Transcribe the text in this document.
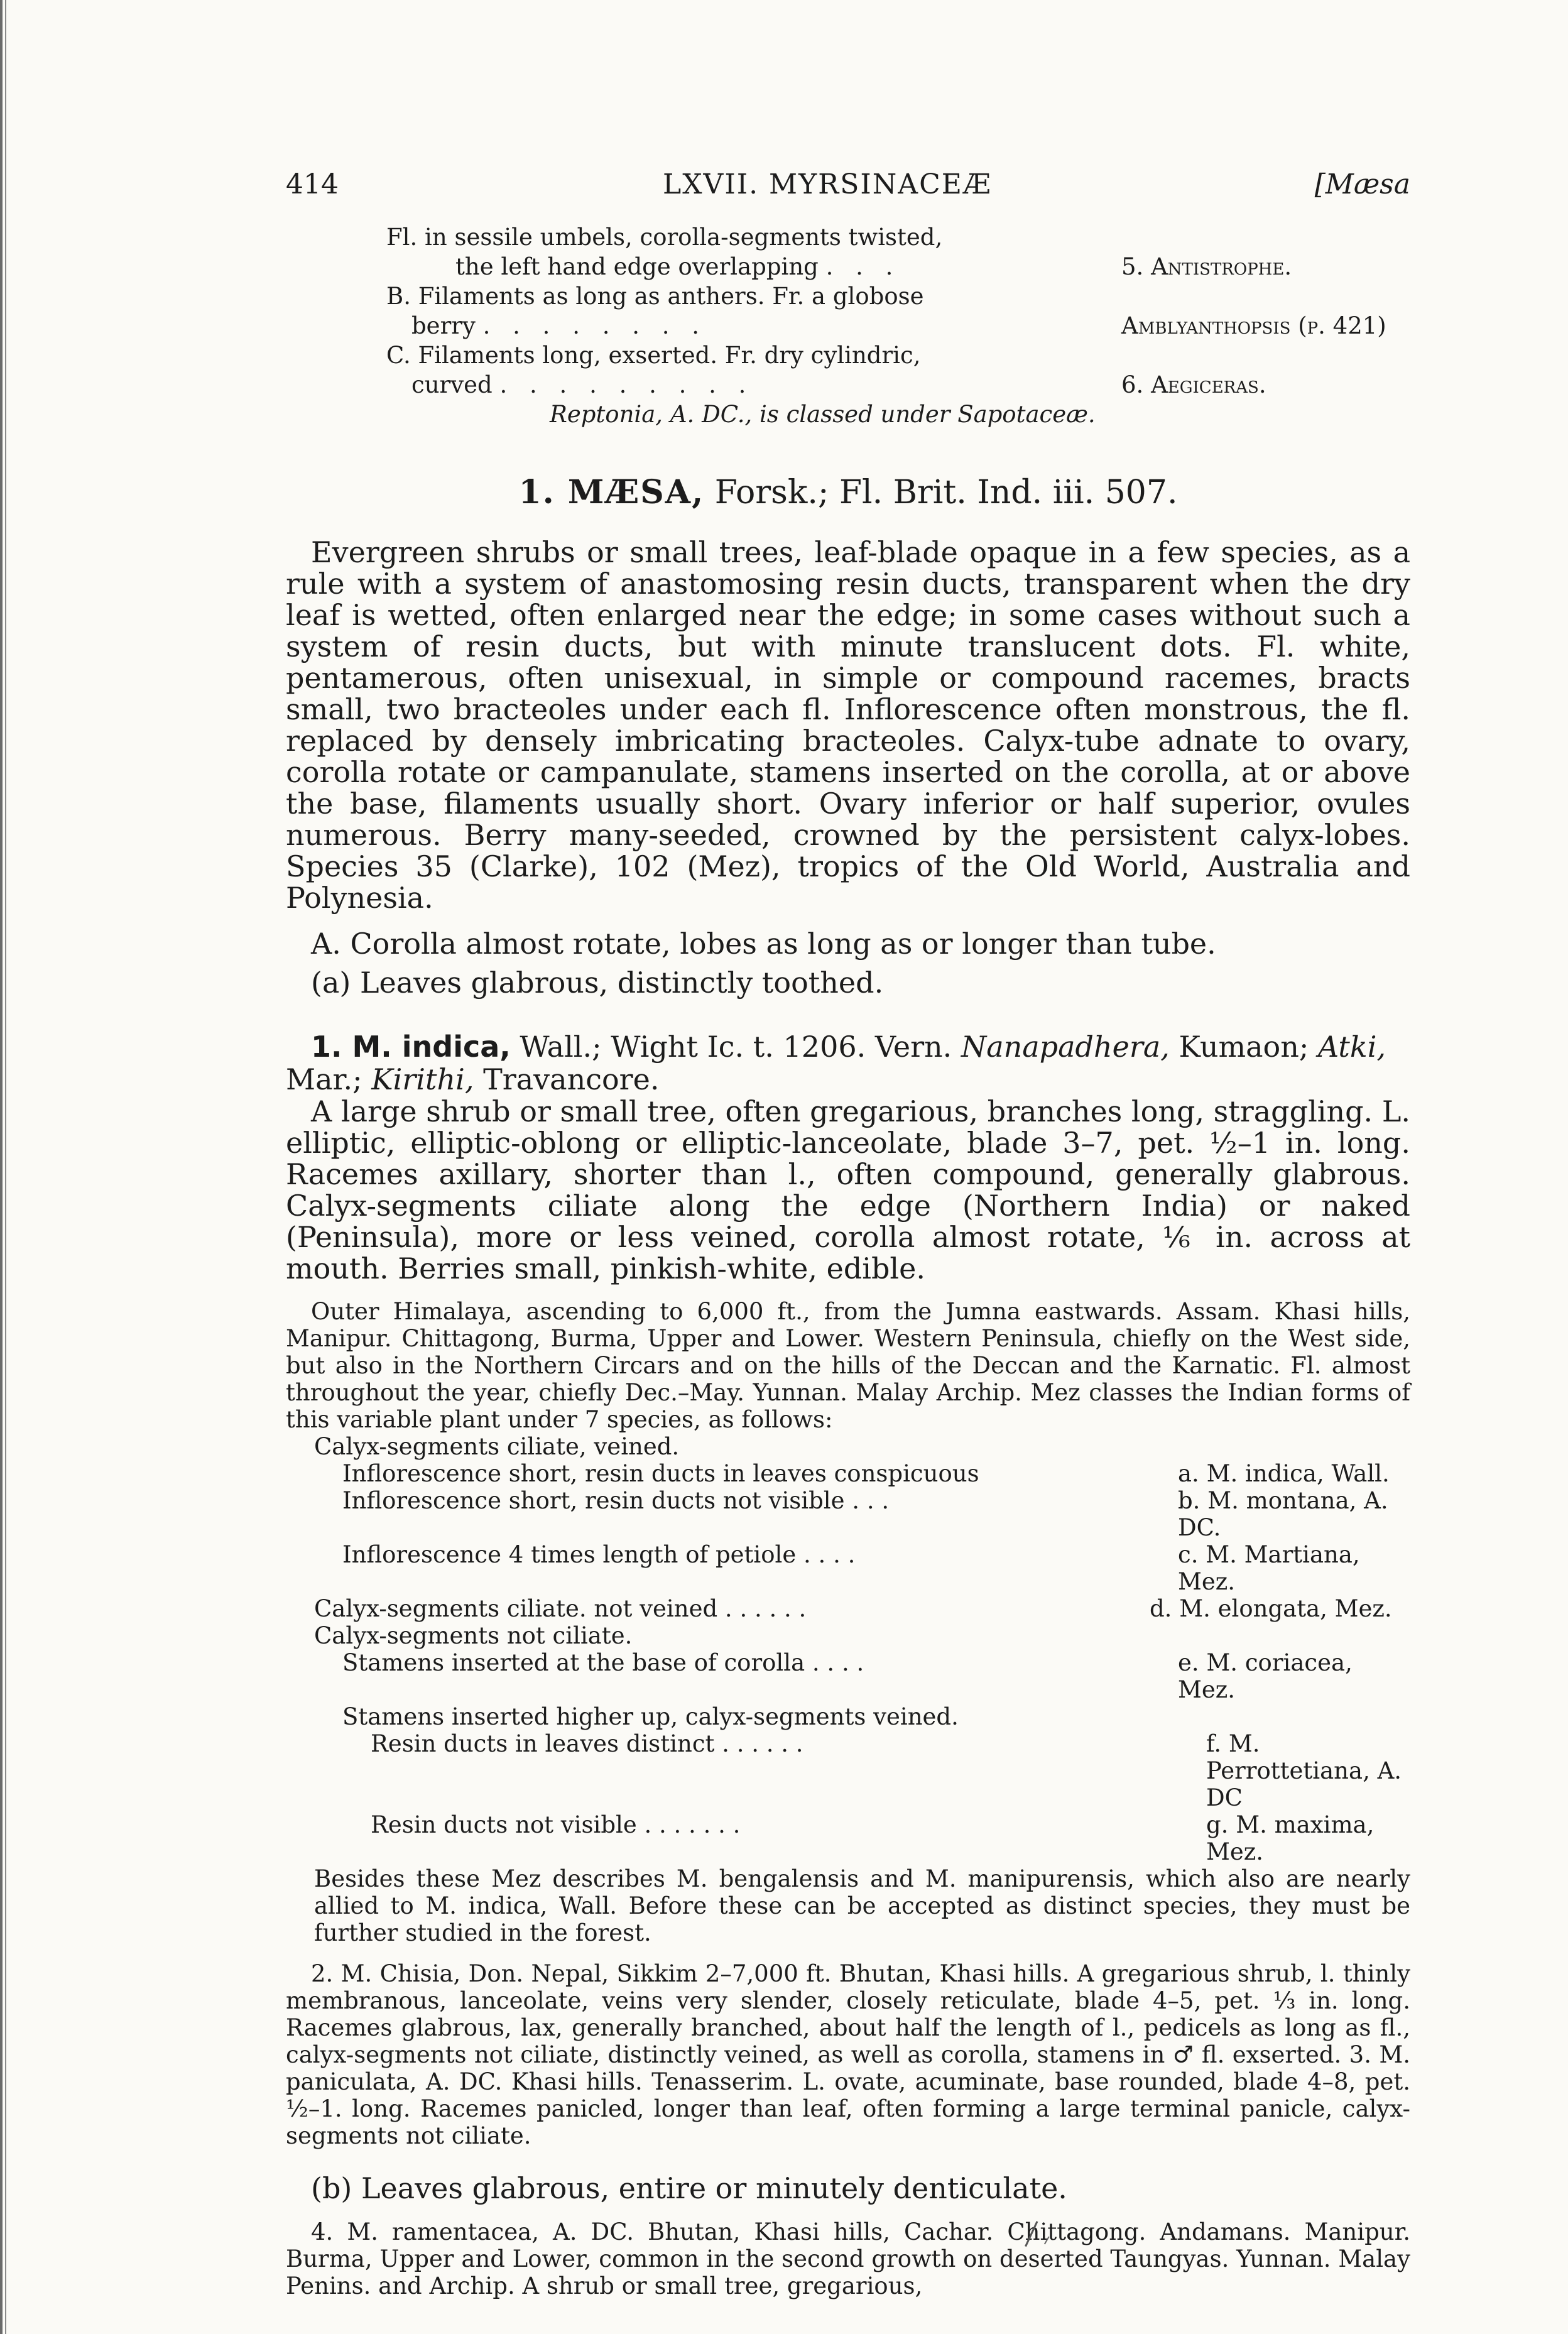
414	LXVII. MYRSINACEÆ	[Mæsa
Fl. in sessile umbels, corolla-segments twisted,
the left hand edge overlapping . . .	5. Antistrophe.
B. Filaments as long as anthers. Fr. a globose
berry . . . . . . . .	Amblyanthopsis (p. 421)
C. Filaments long, exserted. Fr. dry cylindric,
curved . . . . . . . . .	6. Aegiceras.
Reptonia, A. DC., is classed under Sapotaceæ.
1. MÆSA, Forsk.; Fl. Brit. Ind. iii. 507.

Evergreen shrubs or small trees, leaf-blade opaque in a few species, as a rule with a system of anastomosing resin ducts, transparent when the dry leaf is wetted, often enlarged near the edge; in some cases without such a system of resin ducts, but with minute translucent dots. Fl. white, pentamerous, often unisexual, in simple or compound racemes, bracts small, two bracteoles under each fl. Inflorescence often monstrous, the fl. replaced by densely imbricating bracteoles. Calyx-tube adnate to ovary, corolla rotate or campanulate, stamens inserted on the corolla, at or above the base, filaments usually short. Ovary inferior or half superior, ovules numerous. Berry many-seeded, crowned by the persistent calyx-lobes. Species 35 (Clarke), 102 (Mez), tropics of the Old World, Australia and Polynesia.

A. Corolla almost rotate, lobes as long as or longer than tube.

(a) Leaves glabrous, distinctly toothed.

1. M. indica, Wall.; Wight Ic. t. 1206. Vern. Nanapadhera, Kumaon; Atki, Mar.; Kirithi, Travancore.

A large shrub or small tree, often gregarious, branches long, straggling. L. elliptic, elliptic-oblong or elliptic-lanceolate, blade 3–7, pet. ½–1 in. long. Racemes axillary, shorter than l., often compound, generally glabrous. Calyx-segments ciliate along the edge (Northern India) or naked (Peninsula), more or less veined, corolla almost rotate, ⅙ in. across at mouth. Berries small, pinkish-white, edible.

Outer Himalaya, ascending to 6,000 ft., from the Jumna eastwards. Assam. Khasi hills, Manipur. Chittagong, Burma, Upper and Lower. Western Peninsula, chiefly on the West side, but also in the Northern Circars and on the hills of the Deccan and the Karnatic. Fl. almost throughout the year, chiefly Dec.–May. Yunnan. Malay Archip. Mez classes the Indian forms of this variable plant under 7 species, as follows:

Calyx-segments ciliate, veined.
Inflorescence short, resin ducts in leaves conspicuous	a. M. indica, Wall.
Inflorescence short, resin ducts not visible . . .	b. M. montana, A. DC.
Inflorescence 4 times length of petiole . . . .	c. M. Martiana, Mez.
Calyx-segments ciliate. not veined . . . . . .	d. M. elongata, Mez.
Calyx-segments not ciliate.
Stamens inserted at the base of corolla . . . .	e. M. coriacea, Mez.
Stamens inserted higher up, calyx-segments veined.
Resin ducts in leaves distinct . . . . . .	f. M. Perrottetiana, A. DC
Resin ducts not visible . . . . . . .	g. M. maxima, Mez.

Besides these Mez describes M. bengalensis and M. manipurensis, which also are nearly allied to M. indica, Wall. Before these can be accepted as distinct species, they must be further studied in the forest.

2. M. Chisia, Don. Nepal, Sikkim 2–7,000 ft. Bhutan, Khasi hills. A gregarious shrub, l. thinly membranous, lanceolate, veins very slender, closely reticulate, blade 4–5, pet. ⅓ in. long. Racemes glabrous, lax, generally branched, about half the length of l., pedicels as long as fl., calyx-segments not ciliate, distinctly veined, as well as corolla, stamens in ♂ fl. exserted. 3. M. paniculata, A. DC. Khasi hills. Tenasserim. L. ovate, acuminate, base rounded, blade 4–8, pet. ½–1. long. Racemes panicled, longer than leaf, often forming a large terminal panicle, calyx-segments not ciliate.

(b) Leaves glabrous, entire or minutely denticulate.

4. M. ramentacea, A. DC. Bhutan, Khasi hills, Cachar. Chittagong. Andamans. Manipur. Burma, Upper and Lower, common in the second growth on deserted Taungyas. Yunnan. Malay Penins. and Archip. A shrub or small tree, gregarious,
